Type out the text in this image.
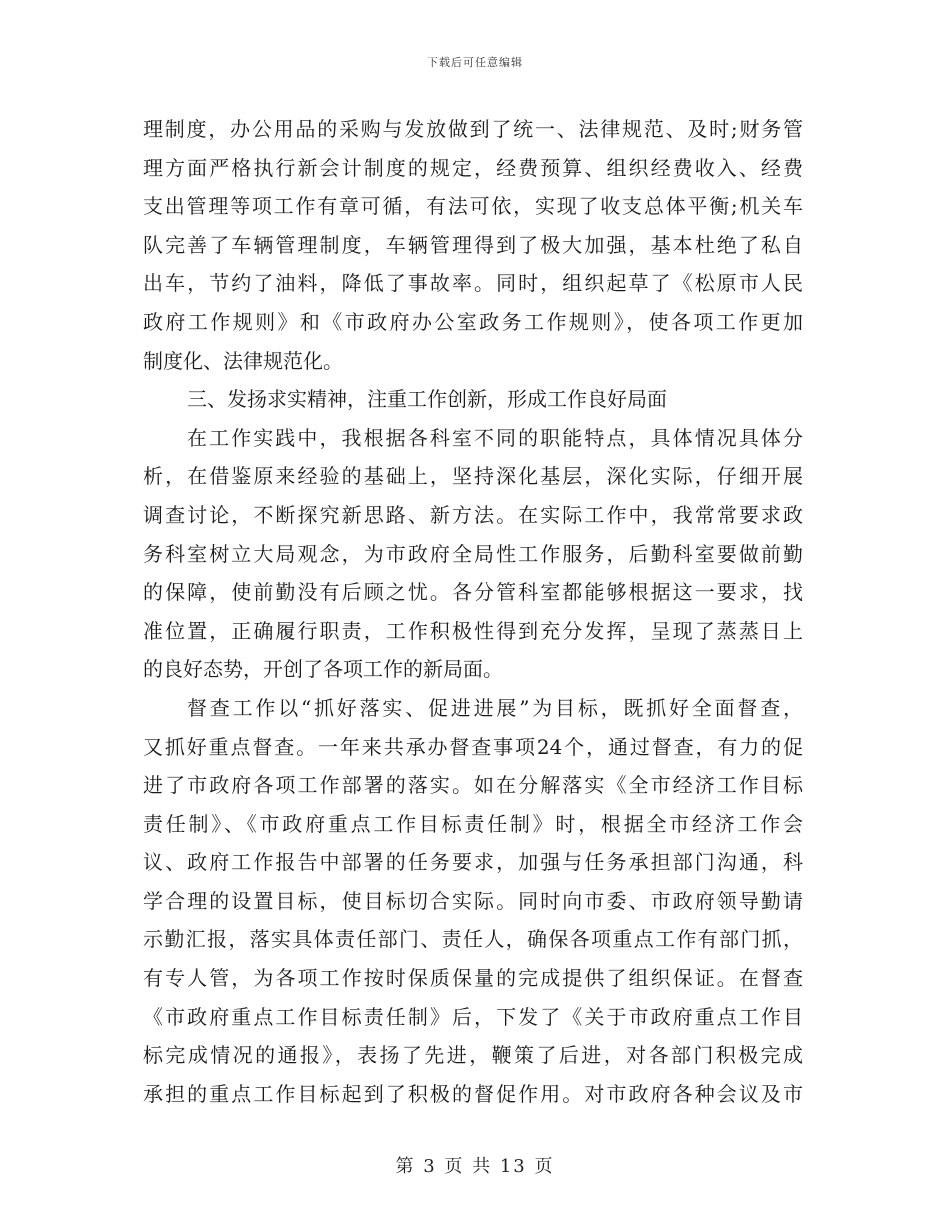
下载后可任意编辑
理制度，办公用品的采购与发放做到了统一、法律规范、及时;财务管
理方面严格执行新会计制度的规定，经费预算、组织经费收入、经费
支出管理等项工作有章可循，有法可依，实现了收支总体平衡;机关车
队完善了车辆管理制度，车辆管理得到了极大加强，基本杜绝了私自
出车，节约了油料，降低了事故率。同时，组织起草了《松原市人民
政府工作规则》和《市政府办公室政务工作规则》，使各项工作更加
制度化、法律规范化。
三、发扬求实精神，注重工作创新，形成工作良好局面
在工作实践中，我根据各科室不同的职能特点，具体情况具体分
析，在借鉴原来经验的基础上，坚持深化基层，深化实际，仔细开展
调查讨论，不断探究新思路、新方法。在实际工作中，我常常要求政
务科室树立大局观念，为市政府全局性工作服务，后勤科室要做前勤
的保障，使前勤没有后顾之忧。各分管科室都能够根据这一要求，找
准位置，正确履行职责，工作积极性得到充分发挥，呈现了蒸蒸日上
的良好态势，开创了各项工作的新局面。
督查工作以“抓好落实、促进进展”为目标，既抓好全面督查，
又抓好重点督查。一年来共承办督查事项24个，通过督查，有力的促
进了市政府各项工作部署的落实。如在分解落实《全市经济工作目标
责任制》、《市政府重点工作目标责任制》时，根据全市经济工作会
议、政府工作报告中部署的任务要求，加强与任务承担部门沟通，科
学合理的设置目标，使目标切合实际。同时向市委、市政府领导勤请
示勤汇报，落实具体责任部门、责任人，确保各项重点工作有部门抓，
有专人管，为各项工作按时保质保量的完成提供了组织保证。在督查
《市政府重点工作目标责任制》后，下发了《关于市政府重点工作目
标完成情况的通报》，表扬了先进，鞭策了后进，对各部门积极完成
承担的重点工作目标起到了积极的督促作用。对市政府各种会议及市
第 3 页 共 13 页
